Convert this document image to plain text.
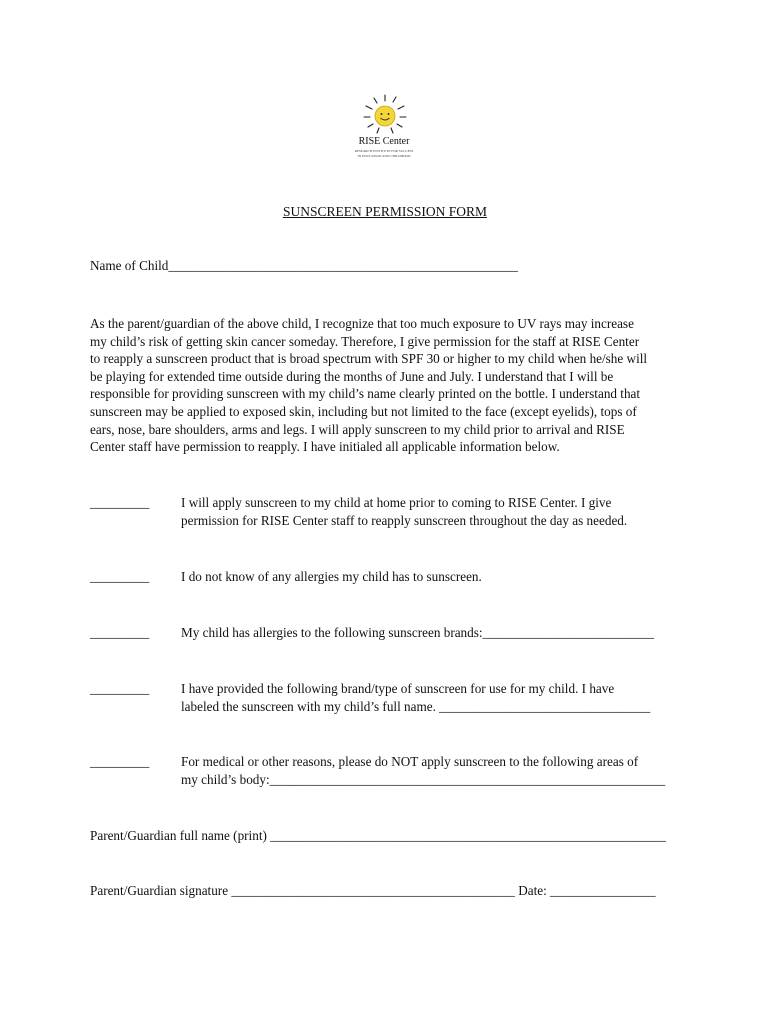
RISE Center
RESEARCH INSTITUTE FOR SUCCESS
IN EDUCATION AND CHILDHOOD
SUNSCREEN PERMISSION FORM
Name of Child_____________________________________________________
As the parent/guardian of the above child, I recognize that too much exposure to UV rays may increase
my child’s risk of getting skin cancer someday. Therefore, I give permission for the staff at RISE Center
to reapply a sunscreen product that is broad spectrum with SPF 30 or higher to my child when he/she will
be playing for extended time outside during the months of June and July. I understand that I will be
responsible for providing sunscreen with my child’s name clearly printed on the bottle. I understand that
sunscreen may be applied to exposed skin, including but not limited to the face (except eyelids), tops of
ears, nose, bare shoulders, arms and legs. I will apply sunscreen to my child prior to arrival and RISE
Center staff have permission to reapply. I have initialed all applicable information below.
_________ I will apply sunscreen to my child at home prior to coming to RISE Center. I give
permission for RISE Center staff to reapply sunscreen throughout the day as needed.
_________ I do not know of any allergies my child has to sunscreen.
_________ My child has allergies to the following sunscreen brands:__________________________
_________ I have provided the following brand/type of sunscreen for use for my child. I have
labeled the sunscreen with my child’s full name. ________________________________
_________ For medical or other reasons, please do NOT apply sunscreen to the following areas of
my child’s body:____________________________________________________________
Parent/Guardian full name (print) ____________________________________________________________
Parent/Guardian signature ___________________________________________ Date: ________________
